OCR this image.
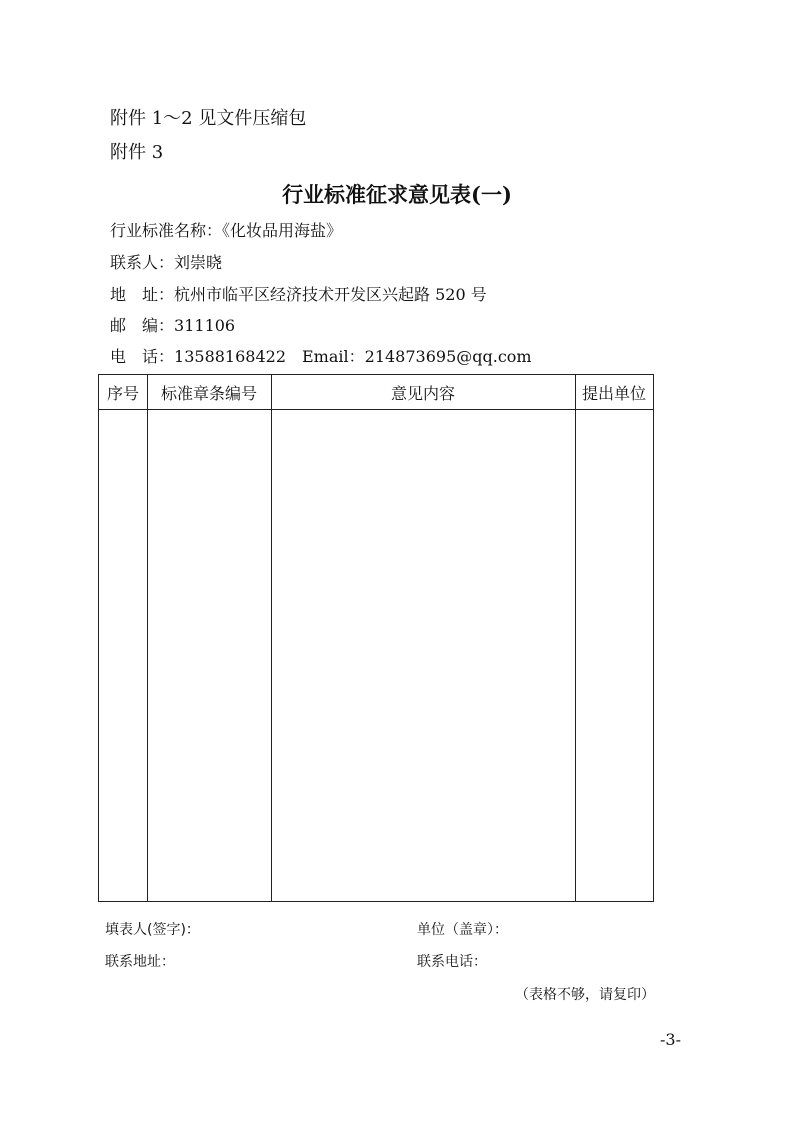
附件 1～2 见文件压缩包
附件 3
行业标准征求意见表(一)
行业标准名称：《化妆品用海盐》
联系人：刘崇晓
地 址：杭州市临平区经济技术开发区兴起路 520 号
邮 编：311106
电 话：13588168422 Email：214873695@qq.com
序号	标准章条编号	意见内容	提出单位
填表人(签字)：	单位（盖章）：
联系地址：	联系电话：
（表格不够，请复印）
-3-
